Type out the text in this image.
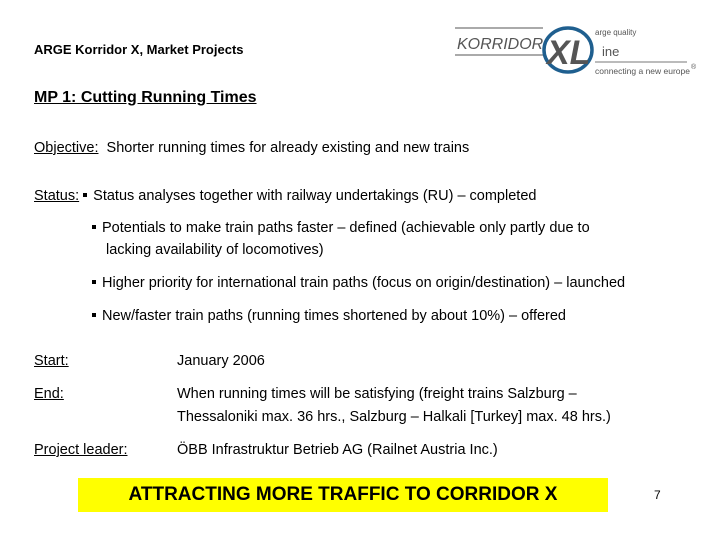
ARGE Korridor X, Market Projects	KORRIDOR XL
arge quality
ine
connecting a new europe ®
MP 1: Cutting Running Times
Objective: Shorter running times for already existing and new trains
Status: Status analyses together with railway undertakings (RU) – completed
Potentials to make train paths faster – defined (achievable only partly due to
lacking availability of locomotives)
Higher priority for international train paths (focus on origin/destination) – launched
New/faster train paths (running times shortened by about 10%) – offered
Start:	January 2006
End:	When running times will be satisfying (freight trains Salzburg –
Thessaloniki max. 36 hrs., Salzburg – Halkali [Turkey] max. 48 hrs.)
Project leader:	ÖBB Infrastruktur Betrieb AG (Railnet Austria Inc.)
ATTRACTING MORE TRAFFIC TO CORRIDOR X	7
